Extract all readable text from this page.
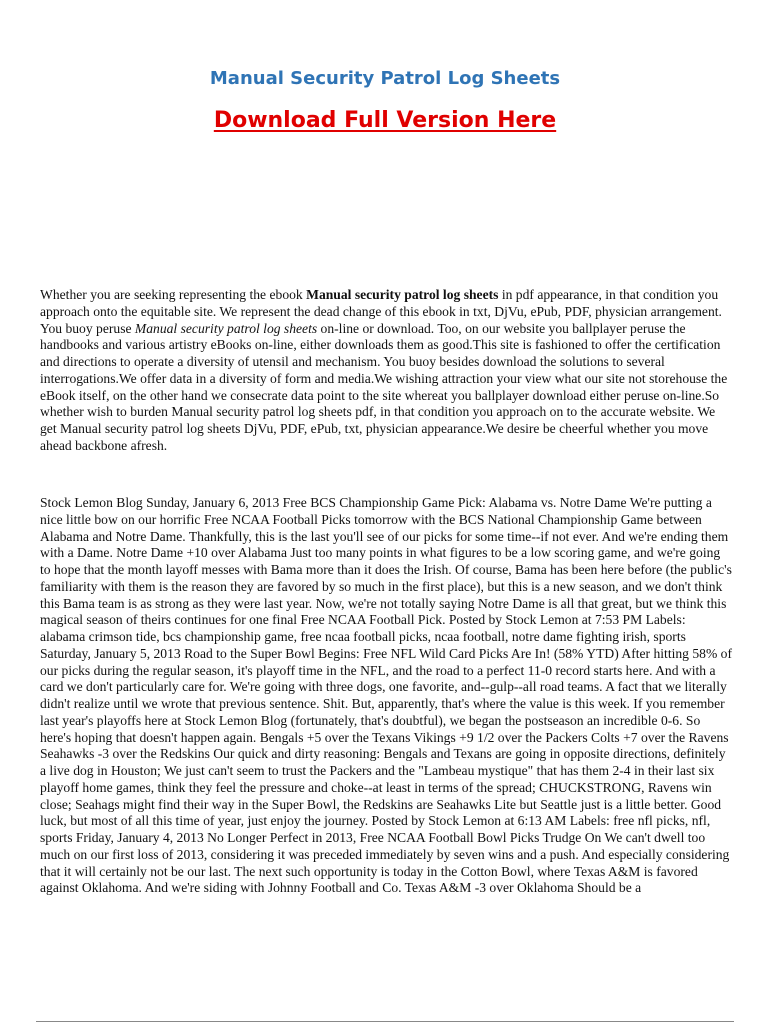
Manual Security Patrol Log Sheets
Download Full Version Here

Whether you are seeking representing the ebook Manual security patrol log sheets in pdf appearance, in that condition you approach onto the equitable site. We represent the dead change of this ebook in txt, DjVu, ePub, PDF, physician arrangement. You buoy peruse Manual security patrol log sheets on-line or download. Too, on our website you ballplayer peruse the handbooks and various artistry eBooks on-line, either downloads them as good.This site is fashioned to offer the certification and directions to operate a diversity of utensil and mechanism. You buoy besides download the solutions to several interrogations.We offer data in a diversity of form and media.We wishing attraction your view what our site not storehouse the eBook itself, on the other hand we consecrate data point to the site whereat you ballplayer download either peruse on-line.So whether wish to burden Manual security patrol log sheets pdf, in that condition you approach on to the accurate website. We get Manual security patrol log sheets DjVu, PDF, ePub, txt, physician appearance.We desire be cheerful whether you move ahead backbone afresh.

Stock Lemon Blog Sunday, January 6, 2013 Free BCS Championship Game Pick: Alabama vs. Notre Dame We're putting a nice little bow on our horrific Free NCAA Football Picks tomorrow with the BCS National Championship Game between Alabama and Notre Dame. Thankfully, this is the last you'll see of our picks for some time--if not ever. And we're ending them with a Dame. Notre Dame +10 over Alabama Just too many points in what figures to be a low scoring game, and we're going to hope that the month layoff messes with Bama more than it does the Irish. Of course, Bama has been here before (the public's familiarity with them is the reason they are favored by so much in the first place), but this is a new season, and we don't think this Bama team is as strong as they were last year. Now, we're not totally saying Notre Dame is all that great, but we think this magical season of theirs continues for one final Free NCAA Football Pick. Posted by Stock Lemon at 7:53 PM Labels: alabama crimson tide, bcs championship game, free ncaa football picks, ncaa football, notre dame fighting irish, sports Saturday, January 5, 2013 Road to the Super Bowl Begins: Free NFL Wild Card Picks Are In! (58% YTD) After hitting 58% of our picks during the regular season, it's playoff time in the NFL, and the road to a perfect 11-0 record starts here. And with a card we don't particularly care for. We're going with three dogs, one favorite, and--gulp--all road teams. A fact that we literally didn't realize until we wrote that previous sentence. Shit. But, apparently, that's where the value is this week. If you remember last year's playoffs here at Stock Lemon Blog (fortunately, that's doubtful), we began the postseason an incredible 0-6. So here's hoping that doesn't happen again. Bengals +5 over the Texans Vikings +9 1/2 over the Packers Colts +7 over the Ravens Seahawks -3 over the Redskins Our quick and dirty reasoning: Bengals and Texans are going in opposite directions, definitely a live dog in Houston; We just can't seem to trust the Packers and the "Lambeau mystique" that has them 2-4 in their last six playoff home games, think they feel the pressure and choke--at least in terms of the spread; CHUCKSTRONG, Ravens win close; Seahags might find their way in the Super Bowl, the Redskins are Seahawks Lite but Seattle just is a little better. Good luck, but most of all this time of year, just enjoy the journey. Posted by Stock Lemon at 6:13 AM Labels: free nfl picks, nfl, sports Friday, January 4, 2013 No Longer Perfect in 2013, Free NCAA Football Bowl Picks Trudge On We can't dwell too much on our first loss of 2013, considering it was preceded immediately by seven wins and a push. And especially considering that it will certainly not be our last. The next such opportunity is today in the Cotton Bowl, where Texas A&M is favored against Oklahoma. And we're siding with Johnny Football and Co. Texas A&M -3 over Oklahoma Should be a
